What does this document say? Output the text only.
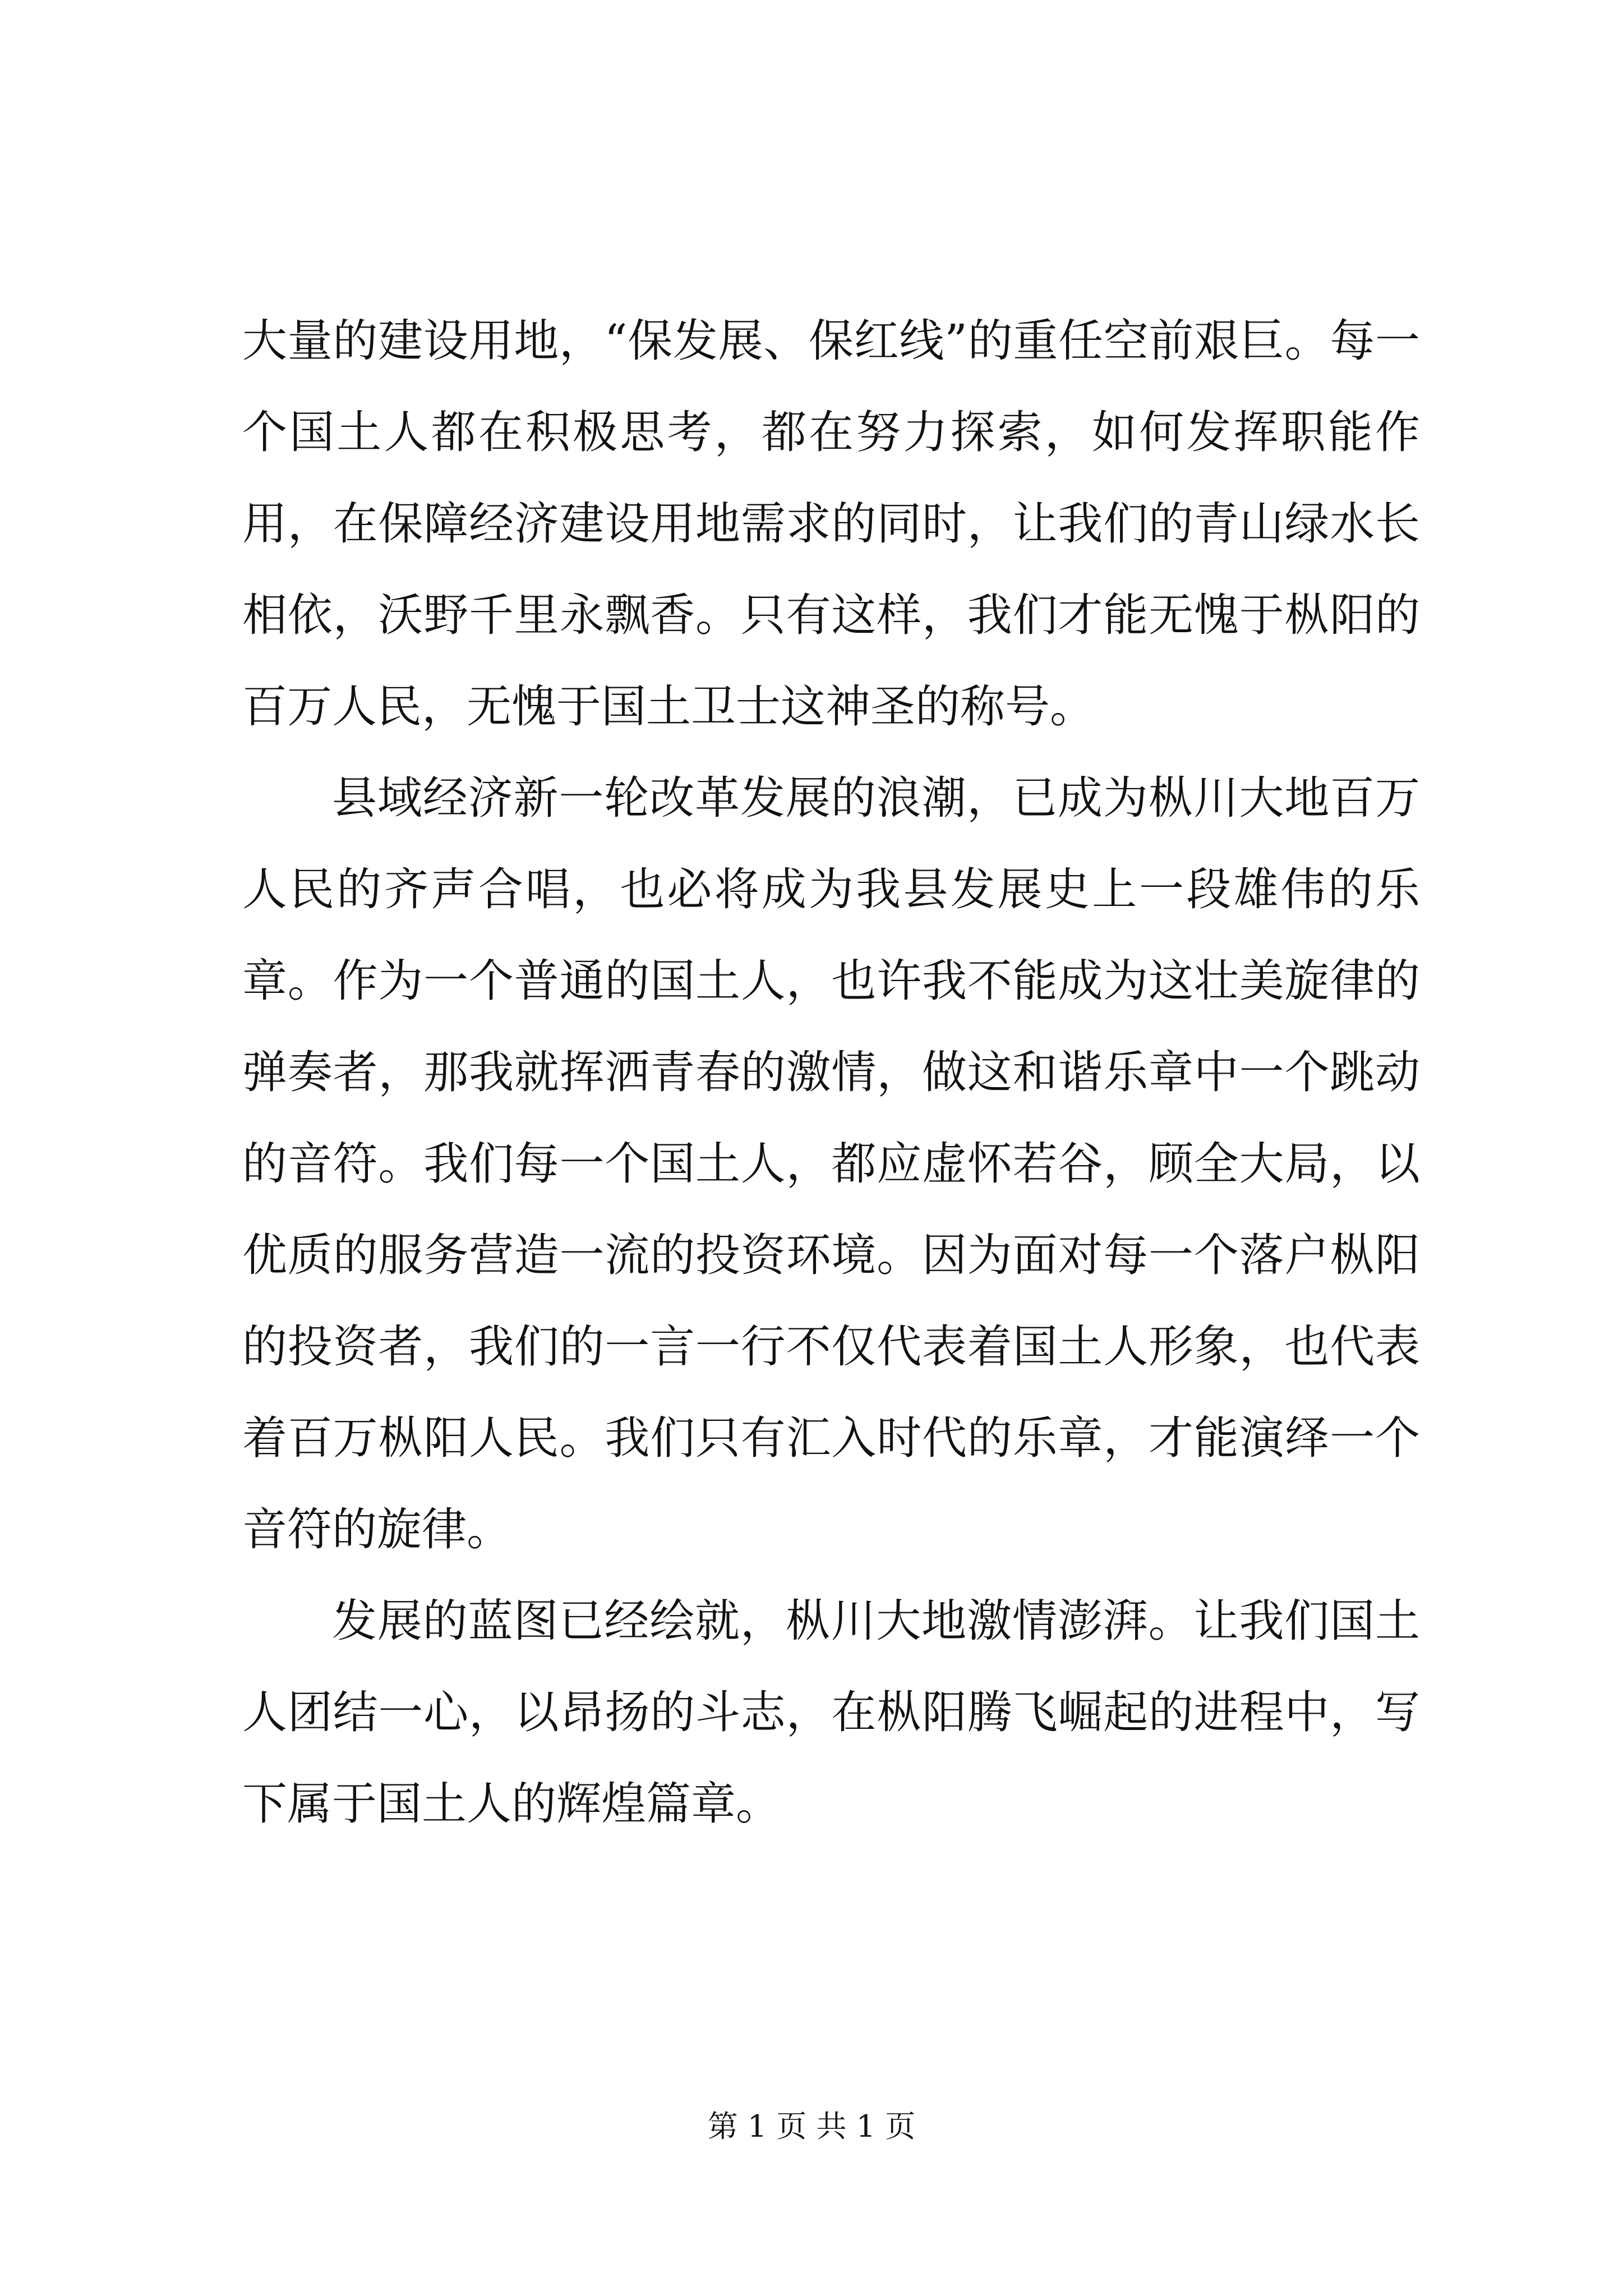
大量的建设用地，“保发展、保红线”的重任空前艰巨。每一个国土人都在积极思考，都在努力探索，如何发挥职能作用，在保障经济建设用地需求的同时，让我们的青山绿水长相依，沃野千里永飘香。只有这样，我们才能无愧于枞阳的百万人民，无愧于国土卫士这神圣的称号。

县域经济新一轮改革发展的浪潮，已成为枞川大地百万人民的齐声合唱，也必将成为我县发展史上一段雄伟的乐章。作为一个普通的国土人，也许我不能成为这壮美旋律的弹奏者，那我就挥洒青春的激情，做这和谐乐章中一个跳动的音符。我们每一个国土人，都应虚怀若谷，顾全大局，以优质的服务营造一流的投资环境。因为面对每一个落户枞阳的投资者，我们的一言一行不仅代表着国土人形象，也代表着百万枞阳人民。我们只有汇入时代的乐章，才能演绎一个音符的旋律。

发展的蓝图已经绘就，枞川大地激情澎湃。让我们国土人团结一心，以昂扬的斗志，在枞阳腾飞崛起的进程中，写下属于国土人的辉煌篇章。

第 1 页 共 1 页
